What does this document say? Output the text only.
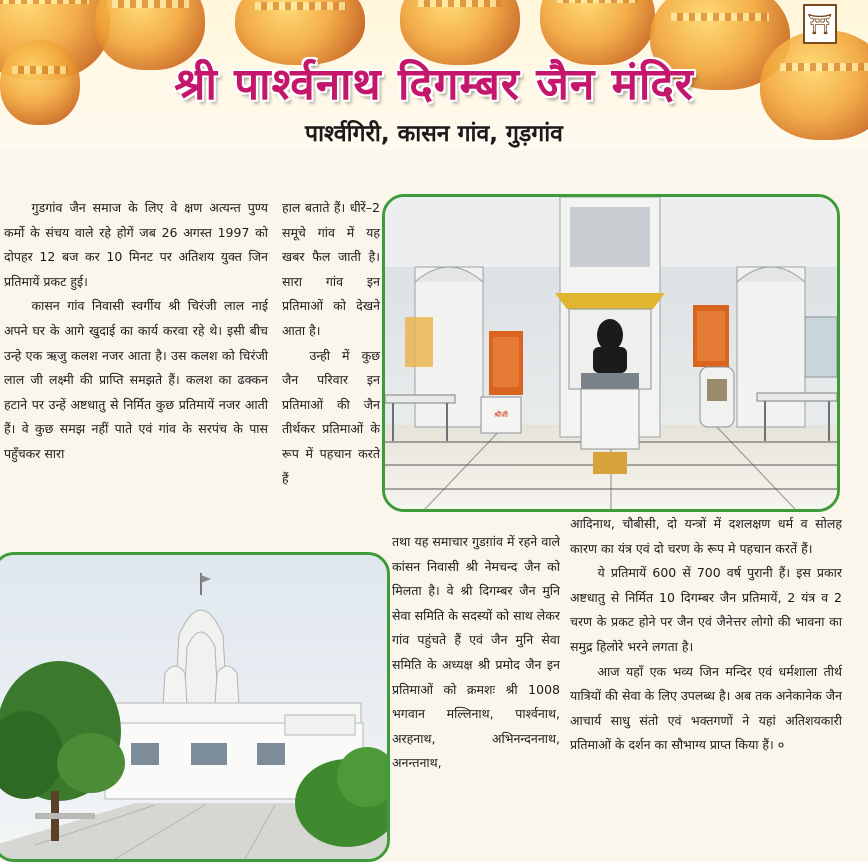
⛩
श्री पार्श्वनाथ दिगम्बर जैन मंदिर
पार्श्वगिरी, कासन गांव, गुड़गांव

गुडगांव जैन समाज के लिए वे क्षण अत्यन्त पुण्य कर्मो के संचय वाले रहे होगें जब 26 अगस्त 1997 को दोपहर 12 बज कर 10 मिनट पर अतिशय युक्त जिन प्रतिमायें प्रकट हुई।

कासन गांव निवासी स्वर्गीय श्री चिरंजी लाल नाई अपने घर के आगे खुदाई का कार्य करवा रहे थे। इसी बीच उन्हे एक ऋजु कलश नजर आता है। उस कलश को चिरंजी लाल जी लक्ष्मी की प्राप्ति समझते हैं। कलश का ढक्कन हटाने पर उन्हें अष्टधातु से निर्मित कुछ प्रतिमायें नजर आती हैं। वे कुछ समझ नहीं पाते एवं गांव के सरपंच के पास पहुँचकर सारा

हाल बताते हैं। धीरें–2 समूचे गांव में यह खबर फैल जाती है। सारा गांव इन प्रतिमाओं को देखने आता है।

उन्ही में कुछ जैन परिवार इन प्रतिमाओं की जैन तीर्थकर प्रतिमाओं के रूप में पहचान करते हैं

श्रीजी

तथा यह समाचार गुडग़ांव में रहने वाले कांसन निवासी श्री नेमचन्द जैन को मिलता है। वे श्री दिगम्बर जैन मुनि सेवा समिति के सदस्यों को साथ लेकर गांव पहुंचते हैं एवं जैन मुनि सेवा समिति के अध्यक्ष श्री प्रमोद जैन इन प्रतिमाओं को क्रमशः श्री 1008 भगवान मल्लिनाथ, पार्श्वनाथ, अरहनाथ, अभिनन्दननाथ, अनन्तनाथ,

आदिनाथ, चौबीसी, दो यन्त्रों में दशलक्षण धर्म व सोलह कारण का यंत्र एवं दो चरण के रूप मे पहचान करतें हैं।

ये प्रतिमायें 600 सें 700 वर्ष पुरानी हैं। इस प्रकार अष्टधातु से निर्मित 10 दिगम्बर जैन प्रतिमायें, 2 यंत्र व 2 चरण के प्रकट होने पर जैन एवं जैनेत्तर लोगो की भावना का समुद्र हिलोरे भरने लगता है।

आज यहाँ एक भव्य जिन मन्दिर एवं धर्मशाला तीर्थ यात्रियों की सेवा के लिए उपलब्ध है। अब तक अनेकानेक जैन आचार्य साधु संतो एवं भक्तगणों ने यहां अतिशयकारी प्रतिमाओं के दर्शन का सौभाग्य प्राप्त किया हैं। ०
